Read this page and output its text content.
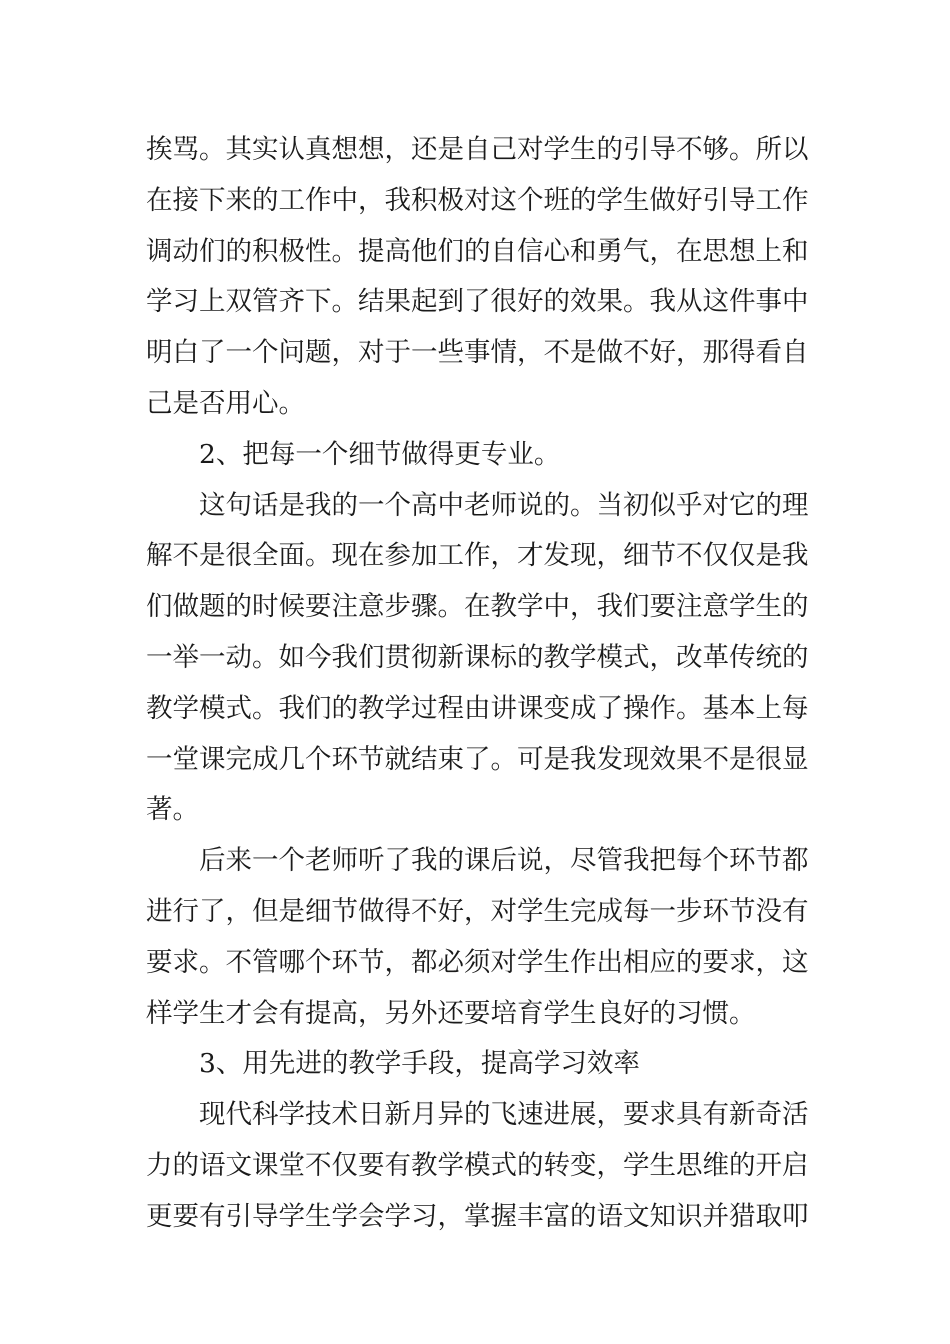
挨骂。其实认真想想，还是自己对学生的引导不够。所以
在接下来的工作中，我积极对这个班的学生做好引导工作
调动们的积极性。提高他们的自信心和勇气，在思想上和
学习上双管齐下。结果起到了很好的效果。我从这件事中
明白了一个问题，对于一些事情，不是做不好，那得看自
己是否用心。
2、把每一个细节做得更专业。
这句话是我的一个高中老师说的。当初似乎对它的理
解不是很全面。现在参加工作，才发现，细节不仅仅是我
们做题的时候要注意步骤。在教学中，我们要注意学生的
一举一动。如今我们贯彻新课标的教学模式，改革传统的
教学模式。我们的教学过程由讲课变成了操作。基本上每
一堂课完成几个环节就结束了。可是我发现效果不是很显
著。
后来一个老师听了我的课后说，尽管我把每个环节都
进行了，但是细节做得不好，对学生完成每一步环节没有
要求。不管哪个环节，都必须对学生作出相应的要求，这
样学生才会有提高，另外还要培育学生良好的习惯。
3、用先进的教学手段，提高学习效率
现代科学技术日新月异的飞速进展，要求具有新奇活
力的语文课堂不仅要有教学模式的转变，学生思维的开启
更要有引导学生学会学习，掌握丰富的语文知识并猎取叩
